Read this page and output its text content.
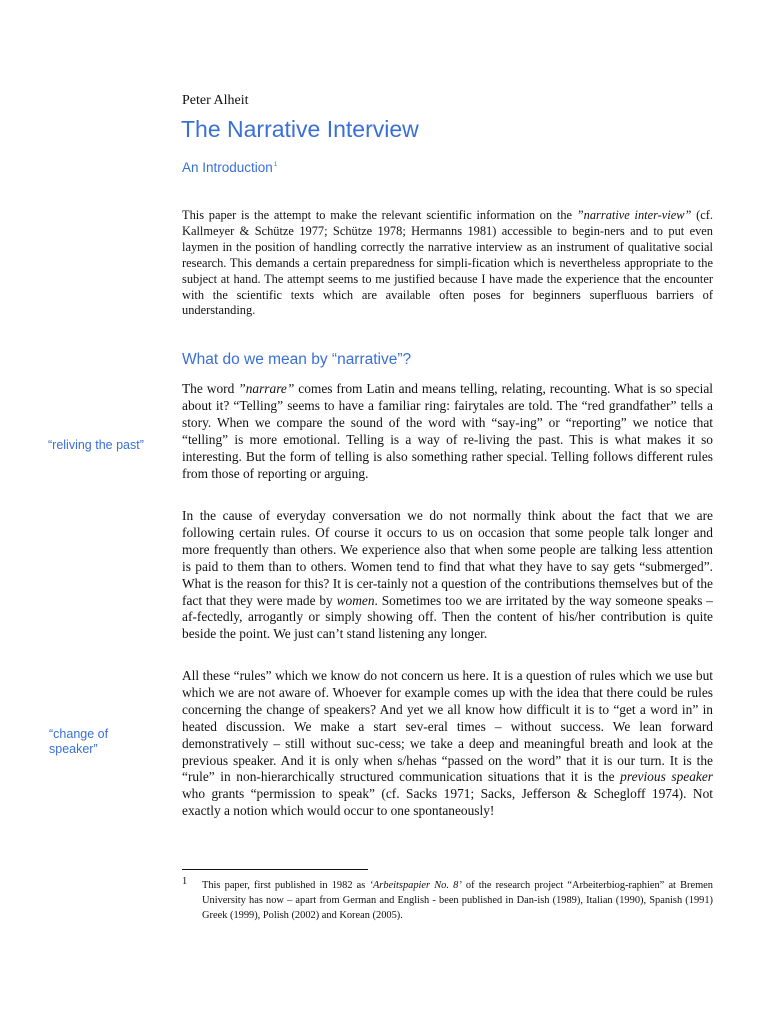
Peter Alheit
The Narrative Interview
An Introduction$^1$

This paper is the attempt to make the relevant scientific information on the ”narrative inter-view” (cf. Kallmeyer & Schütze 1977; Schütze 1978; Hermanns 1981) accessible to begin-ners and to put even laymen in the position of handling correctly the narrative interview as an instrument of qualitative social research. This demands a certain preparedness for simpli-fication which is nevertheless appropriate to the subject at hand. The attempt seems to me justified because I have made the experience that the encounter with the scientific texts which are available often poses for beginners superfluous barriers of understanding.

What do we mean by “narrative”?
“reliving the past”

The word ”narrare” comes from Latin and means telling, relating, recounting. What is so special about it? “Telling” seems to have a familiar ring: fairytales are told. The “red grandfather” tells a story. When we compare the sound of the word with “say-ing” or “reporting” we notice that “telling” is more emotional. Telling is a way of re-living the past. This is what makes it so interesting. But the form of telling is also something rather special. Telling follows different rules from those of reporting or arguing.

In the cause of everyday conversation we do not normally think about the fact that we are following certain rules. Of course it occurs to us on occasion that some people talk longer and more frequently than others. We experience also that when some people are talking less attention is paid to them than to others. Women tend to find that what they have to say gets “submerged”. What is the reason for this? It is cer-tainly not a question of the contributions themselves but of the fact that they were made by women. Sometimes too we are irritated by the way someone speaks – af-fectedly, arrogantly or simply showing off. Then the content of his/her contribution is quite beside the point. We just can’t stand listening any longer.

“change of speaker”

All these “rules” which we know do not concern us here. It is a question of rules which we use but which we are not aware of. Whoever for example comes up with the idea that there could be rules concerning the change of speakers? And yet we all know how difficult it is to “get a word in” in heated discussion. We make a start sev-eral times – without success. We lean forward demonstratively – still without suc-cess; we take a deep and meaningful breath and look at the previous speaker. And it is only when s/hehas “passed on the word” that it is our turn. It is the “rule” in non-hierarchically structured communication situations that it is the previous speaker who grants “permission to speak” (cf. Sacks 1971; Sacks, Jefferson & Schegloff 1974). Not exactly a notion which would occur to one spontaneously!

1 This paper, first published in 1982 as ‘Arbeitspapier No. 8’ of the research project “Arbeiterbiog-raphien” at Bremen University has now – apart from German and English - been published in Dan-ish (1989), Italian (1990), Spanish (1991) Greek (1999), Polish (2002) and Korean (2005).
